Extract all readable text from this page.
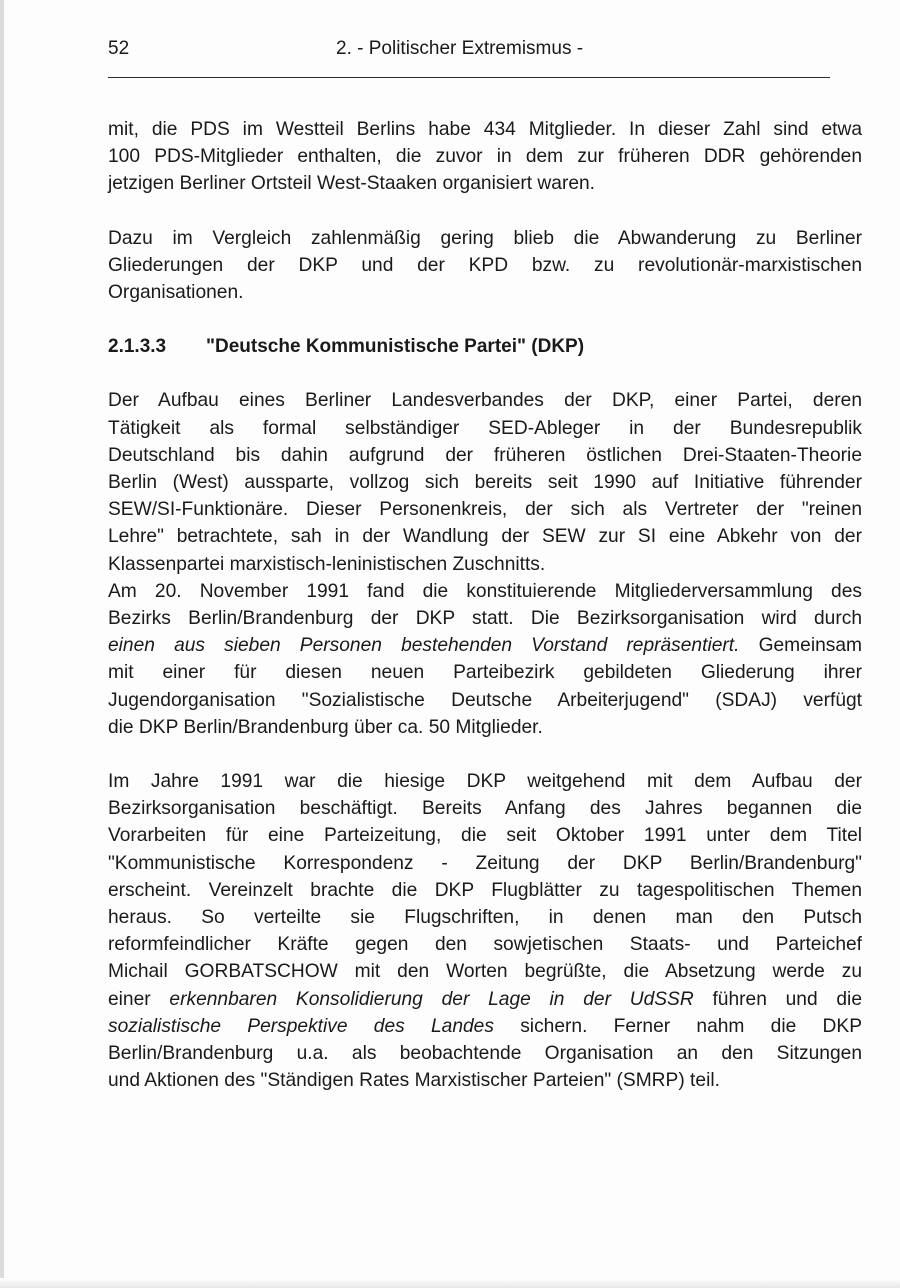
52	2. - Politischer Extremismus -

mit, die PDS im Westteil Berlins habe 434 Mitglieder. In dieser Zahl sind etwa
100 PDS-Mitglieder enthalten, die zuvor in dem zur früheren DDR gehörenden
jetzigen Berliner Ortsteil West-Staaken organisiert waren.

Dazu im Vergleich zahlenmäßig gering blieb die Abwanderung zu Berliner
Gliederungen der DKP und der KPD bzw. zu revolutionär-marxistischen
Organisationen.

2.1.3.3 "Deutsche Kommunistische Partei" (DKP)

Der Aufbau eines Berliner Landesverbandes der DKP, einer Partei, deren
Tätigkeit als formal selbständiger SED-Ableger in der Bundesrepublik
Deutschland bis dahin aufgrund der früheren östlichen Drei-Staaten-Theorie
Berlin (West) aussparte, vollzog sich bereits seit 1990 auf Initiative führender
SEW/SI-Funktionäre. Dieser Personenkreis, der sich als Vertreter der "reinen
Lehre" betrachtete, sah in der Wandlung der SEW zur SI eine Abkehr von der
Klassenpartei marxistisch-leninistischen Zuschnitts.

Am 20. November 1991 fand die konstituierende Mitgliederversammlung des
Bezirks Berlin/Brandenburg der DKP statt. Die Bezirksorganisation wird durch
einen aus sieben Personen bestehenden Vorstand repräsentiert. Gemeinsam
mit einer für diesen neuen Parteibezirk gebildeten Gliederung ihrer
Jugendorganisation "Sozialistische Deutsche Arbeiterjugend" (SDAJ) verfügt
die DKP Berlin/Brandenburg über ca. 50 Mitglieder.

Im Jahre 1991 war die hiesige DKP weitgehend mit dem Aufbau der
Bezirksorganisation beschäftigt. Bereits Anfang des Jahres begannen die
Vorarbeiten für eine Parteizeitung, die seit Oktober 1991 unter dem Titel
"Kommunistische Korrespondenz - Zeitung der DKP Berlin/Brandenburg"
erscheint. Vereinzelt brachte die DKP Flugblätter zu tagespolitischen Themen
heraus. So verteilte sie Flugschriften, in denen man den Putsch
reformfeindlicher Kräfte gegen den sowjetischen Staats- und Parteichef
Michail GORBATSCHOW mit den Worten begrüßte, die Absetzung werde zu
einer erkennbaren Konsolidierung der Lage in der UdSSR führen und die
sozialistische Perspektive des Landes sichern. Ferner nahm die DKP
Berlin/Brandenburg u.a. als beobachtende Organisation an den Sitzungen
und Aktionen des "Ständigen Rates Marxistischer Parteien" (SMRP) teil.
